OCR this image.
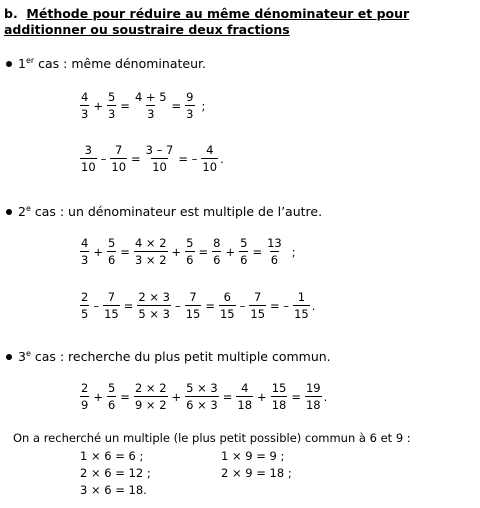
b. Méthode pour réduire au même dénominateur et pour
additionner ou soustraire deux fractions
1er cas : même dénominateur.
$\frac{4}{3} + \frac{5}{3} = \frac{4 + 5}{3} = \frac{9}{3}$ ;
$\frac{3}{10} - \frac{7}{10} = \frac{3 - 7}{10}$ = – $\frac{4}{10}$ .
2e cas : un dénominateur est multiple de l’autre.
$\frac{4}{3} + \frac{5}{6} = \frac{4 \times 2}{3 \times 2} + \frac{5}{6} = \frac{8}{6} + \frac{5}{6} = \frac{13}{6}$ ;
$\frac{2}{5} - \frac{7}{15} = \frac{2 \times 3}{5 \times 3} - \frac{7}{15} = \frac{6}{15} - \frac{7}{15}$ = – $\frac{1}{15}$ .
3e cas : recherche du plus petit multiple commun.
$\frac{2}{9} + \frac{5}{6} = \frac{2 \times 2}{9 \times 2} + \frac{5 \times 3}{6 \times 3} = \frac{4}{18} + \frac{15}{18} = \frac{19}{18}$ .
On a recherché un multiple (le plus petit possible) commun à 6 et 9 :
1 × 6 = 6 ;
2 × 6 = 12 ;
3 × 6 = 18.
1 × 9 = 9 ;
2 × 9 = 18 ;
